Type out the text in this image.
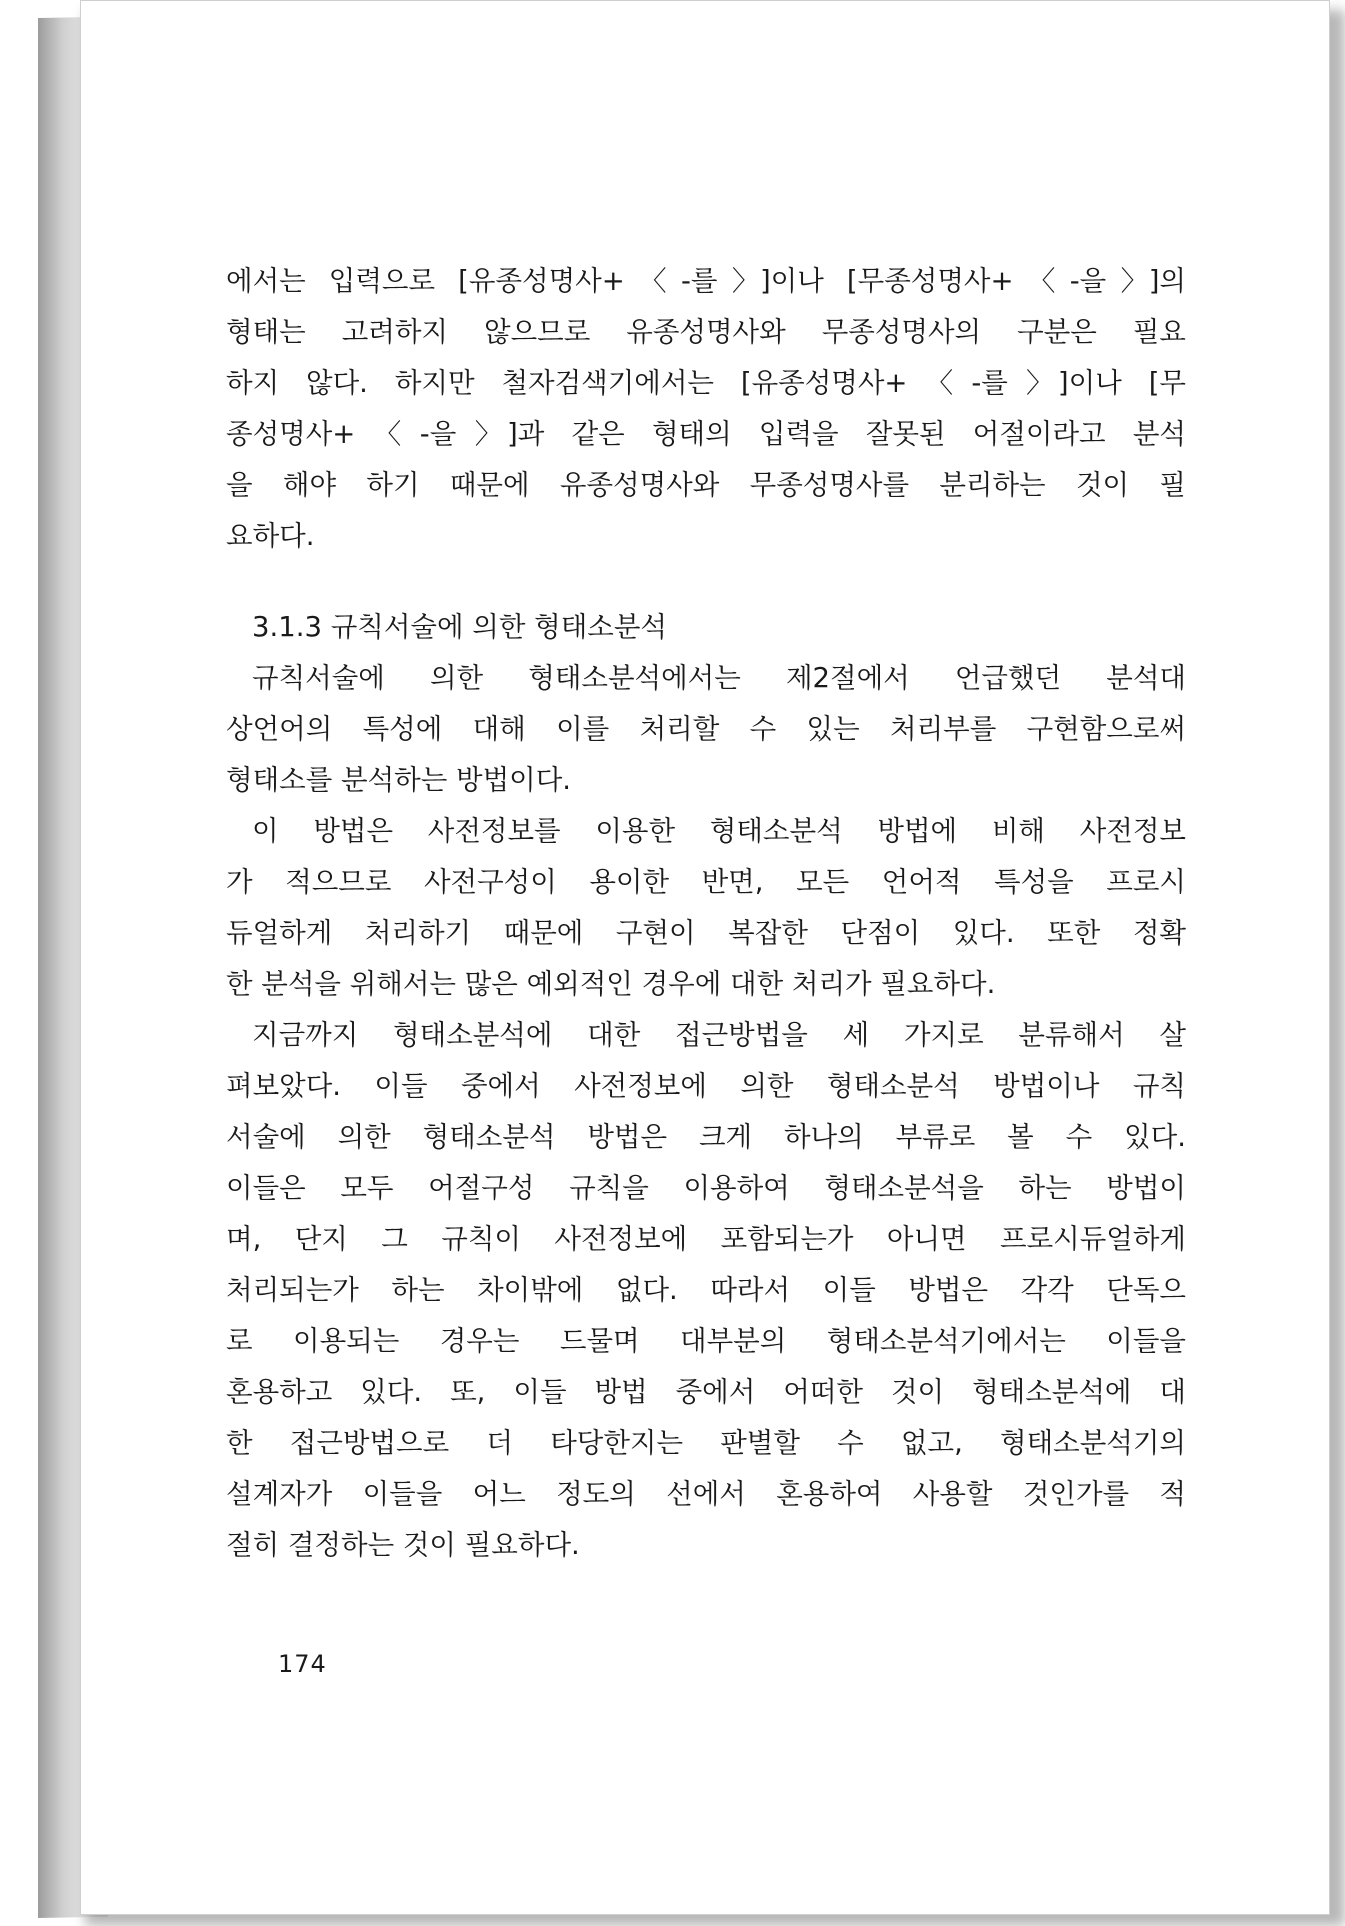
에서는 입력으로 [유종성명사+〈-를〉]이나 [무종성명사+〈-을〉]의

형태는 고려하지 않으므로 유종성명사와 무종성명사의 구분은 필요

하지 않다. 하지만 철자검색기에서는 [유종성명사+〈-를〉]이나 [무

종성명사+〈-을〉]과 같은 형태의 입력을 잘못된 어절이라고 분석

을 해야 하기 때문에 유종성명사와 무종성명사를 분리하는 것이 필

요하다.

3.1.3 규칙서술에 의한 형태소분석

규칙서술에 의한 형태소분석에서는 제2절에서 언급했던 분석대

상언어의 특성에 대해 이를 처리할 수 있는 처리부를 구현함으로써

형태소를 분석하는 방법이다.

이 방법은 사전정보를 이용한 형태소분석 방법에 비해 사전정보

가 적으므로 사전구성이 용이한 반면, 모든 언어적 특성을 프로시

듀얼하게 처리하기 때문에 구현이 복잡한 단점이 있다. 또한 정확

한 분석을 위해서는 많은 예외적인 경우에 대한 처리가 필요하다.

지금까지 형태소분석에 대한 접근방법을 세 가지로 분류해서 살

펴보았다. 이들 중에서 사전정보에 의한 형태소분석 방법이나 규칙

서술에 의한 형태소분석 방법은 크게 하나의 부류로 볼 수 있다.

이들은 모두 어절구성 규칙을 이용하여 형태소분석을 하는 방법이

며, 단지 그 규칙이 사전정보에 포함되는가 아니면 프로시듀얼하게

처리되는가 하는 차이밖에 없다. 따라서 이들 방법은 각각 단독으

로 이용되는 경우는 드물며 대부분의 형태소분석기에서는 이들을

혼용하고 있다. 또, 이들 방법 중에서 어떠한 것이 형태소분석에 대

한 접근방법으로 더 타당한지는 판별할 수 없고, 형태소분석기의

설계자가 이들을 어느 정도의 선에서 혼용하여 사용할 것인가를 적

절히 결정하는 것이 필요하다.

174
